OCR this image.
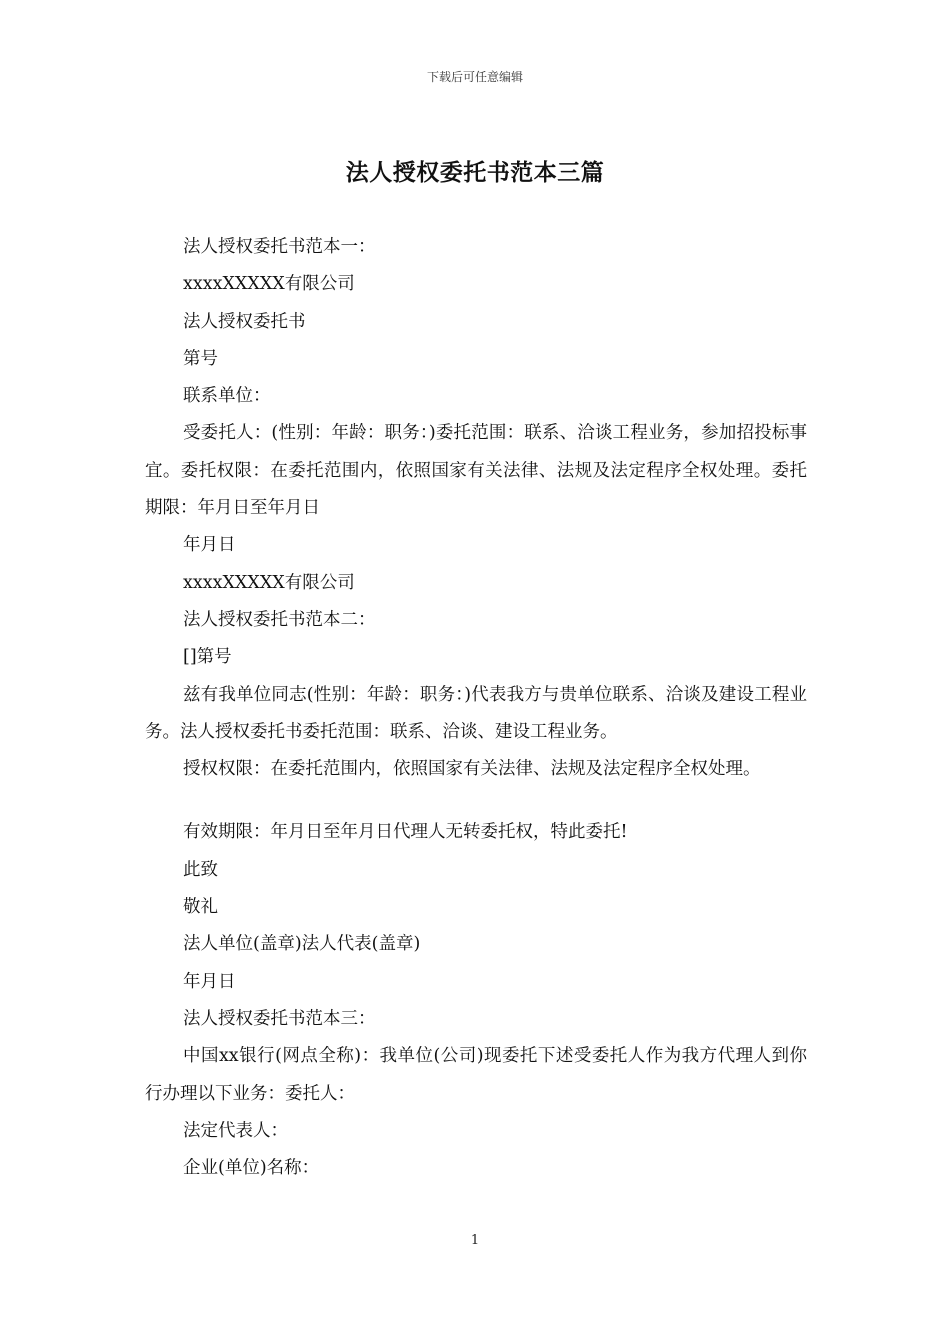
下载后可任意编辑
法人授权委托书范本三篇

法人授权委托书范本一：

xxxxXXXXX有限公司

法人授权委托书

第号

联系单位：

受委托人：(性别：年龄：职务：)委托范围：联系、洽谈工程业务，参加招投标事宜。委托权限：在委托范围内，依照国家有关法律、法规及法定程序全权处理。委托期限：年月日至年月日

年月日

xxxxXXXXX有限公司

法人授权委托书范本二：

[]第号

兹有我单位同志(性别：年龄：职务：)代表我方与贵单位联系、洽谈及建设工程业务。法人授权委托书委托范围：联系、洽谈、建设工程业务。

授权权限：在委托范围内，依照国家有关法律、法规及法定程序全权处理。

有效期限：年月日至年月日代理人无转委托权，特此委托!

此致

敬礼

法人单位(盖章)法人代表(盖章)

年月日

法人授权委托书范本三：

中国xx银行(网点全称)：我单位(公司)现委托下述受委托人作为我方代理人到你行办理以下业务：委托人：

法定代表人：

企业(单位)名称：

1
